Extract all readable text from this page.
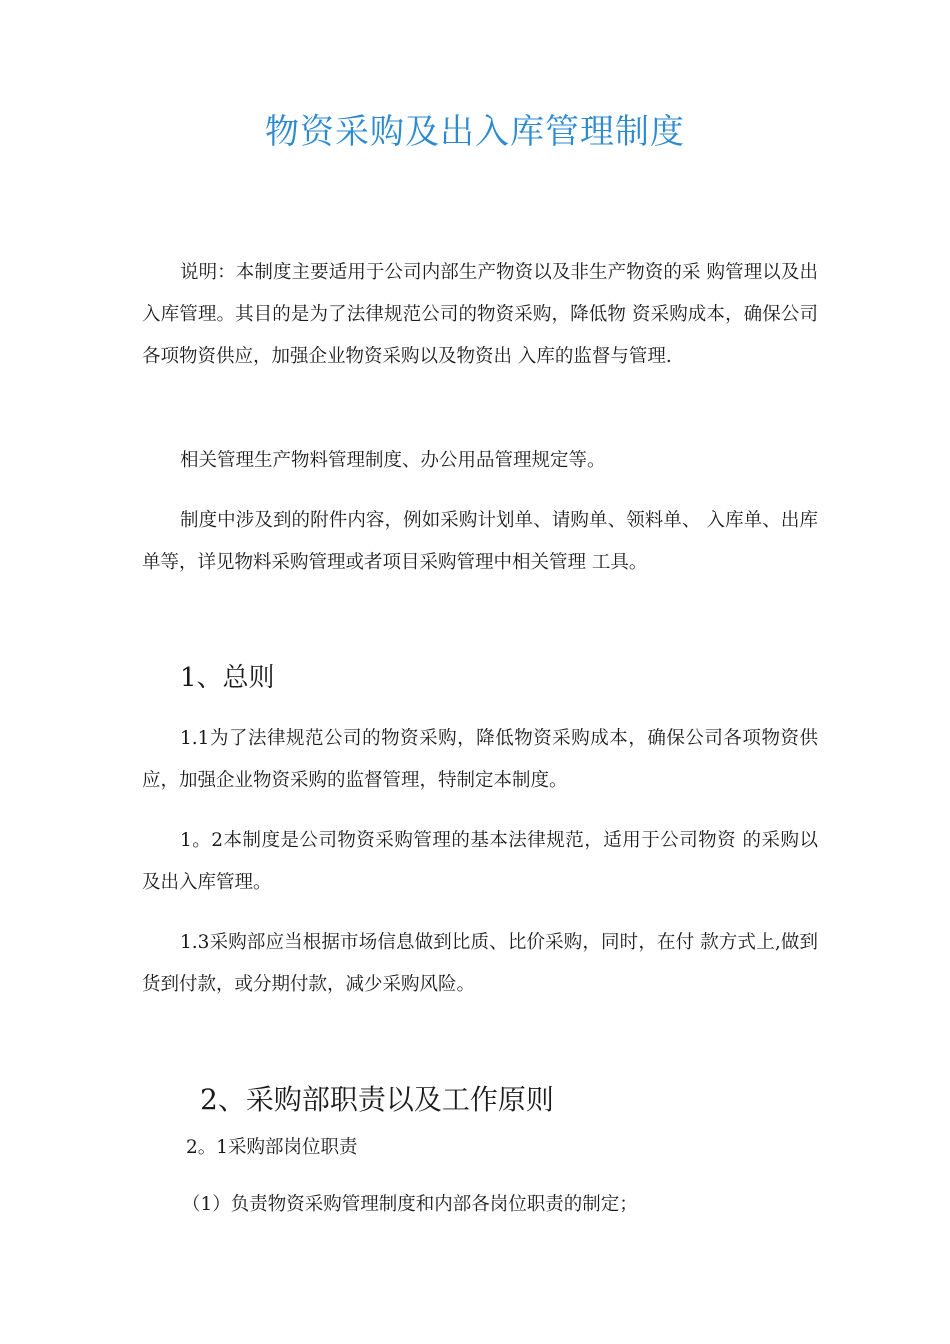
物资采购及出入库管理制度

说明：本制度主要适用于公司内部生产物资以及非生产物资的采 购管理以及出入库管理。其目的是为了法律规范公司的物资采购，降低物 资采购成本，确保公司各项物资供应，加强企业物资采购以及物资出 入库的监督与管理.

相关管理生产物料管理制度、办公用品管理规定等。

制度中涉及到的附件内容，例如采购计划单、请购单、领料单、 入库单、出库单等，详见物料采购管理或者项目采购管理中相关管理 工具。

1、总则

1.1为了法律规范公司的物资采购，降低物资采购成本，确保公司各项物资供应，加强企业物资采购的监督管理，特制定本制度。

1。2本制度是公司物资采购管理的基本法律规范，适用于公司物资 的采购以及出入库管理。

1.3采购部应当根据市场信息做到比质、比价采购，同时，在付 款方式上,做到货到付款，或分期付款，减少采购风险。

2、采购部职责以及工作原则

2。1采购部岗位职责

（1）负责物资采购管理制度和内部各岗位职责的制定；
